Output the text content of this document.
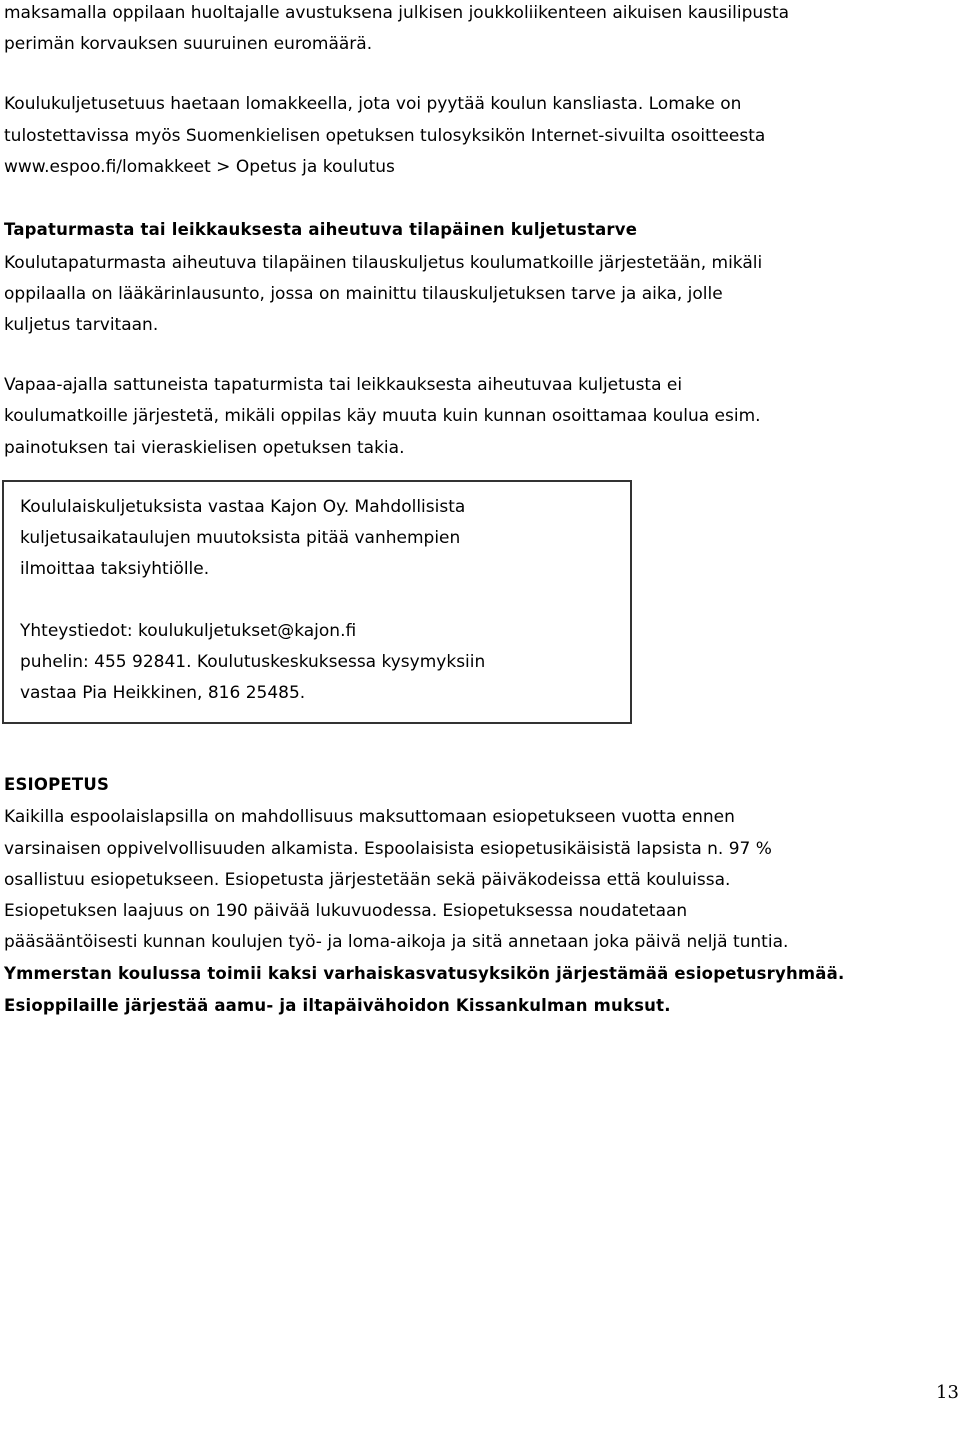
maksamalla oppilaan huoltajalle avustuksena julkisen joukkoliikenteen aikuisen kausilipusta
perimän korvauksen suuruinen euromäärä.
Koulukuljetusetuus haetaan lomakkeella, jota voi pyytää koulun kansliasta. Lomake on
tulostettavissa myös Suomenkielisen opetuksen tulosyksikön Internet-sivuilta osoitteesta
www.espoo.fi/lomakkeet > Opetus ja koulutus
Tapaturmasta tai leikkauksesta aiheutuva tilapäinen kuljetustarve
Koulutapaturmasta aiheutuva tilapäinen tilauskuljetus koulumatkoille järjestetään, mikäli
oppilaalla on lääkärinlausunto, jossa on mainittu tilauskuljetuksen tarve ja aika, jolle
kuljetus tarvitaan.
Vapaa-ajalla sattuneista tapaturmista tai leikkauksesta aiheutuvaa kuljetusta ei
koulumatkoille järjestetä, mikäli oppilas käy muuta kuin kunnan osoittamaa koulua esim.
painotuksen tai vieraskielisen opetuksen takia.
Koululaiskuljetuksista vastaa Kajon Oy. Mahdollisista
kuljetusaikataulujen muutoksista pitää vanhempien
ilmoittaa taksiyhtiölle.
Yhteystiedot: koulukuljetukset@kajon.fi
puhelin: 455 92841. Koulutuskeskuksessa kysymyksiin
vastaa Pia Heikkinen, 816 25485.
ESIOPETUS
Kaikilla espoolaislapsilla on mahdollisuus maksuttomaan esiopetukseen vuotta ennen
varsinaisen oppivelvollisuuden alkamista. Espoolaisista esiopetusikäisistä lapsista n. 97 %
osallistuu esiopetukseen. Esiopetusta järjestetään sekä päiväkodeissa että kouluissa.
Esiopetuksen laajuus on 190 päivää lukuvuodessa. Esiopetuksessa noudatetaan
pääsääntöisesti kunnan koulujen työ- ja loma-aikoja ja sitä annetaan joka päivä neljä tuntia.
Ymmerstan koulussa toimii kaksi varhaiskasvatusyksikön järjestämää esiopetusryhmää.
Esioppilaille järjestää aamu- ja iltapäivähoidon Kissankulman muksut.
13
